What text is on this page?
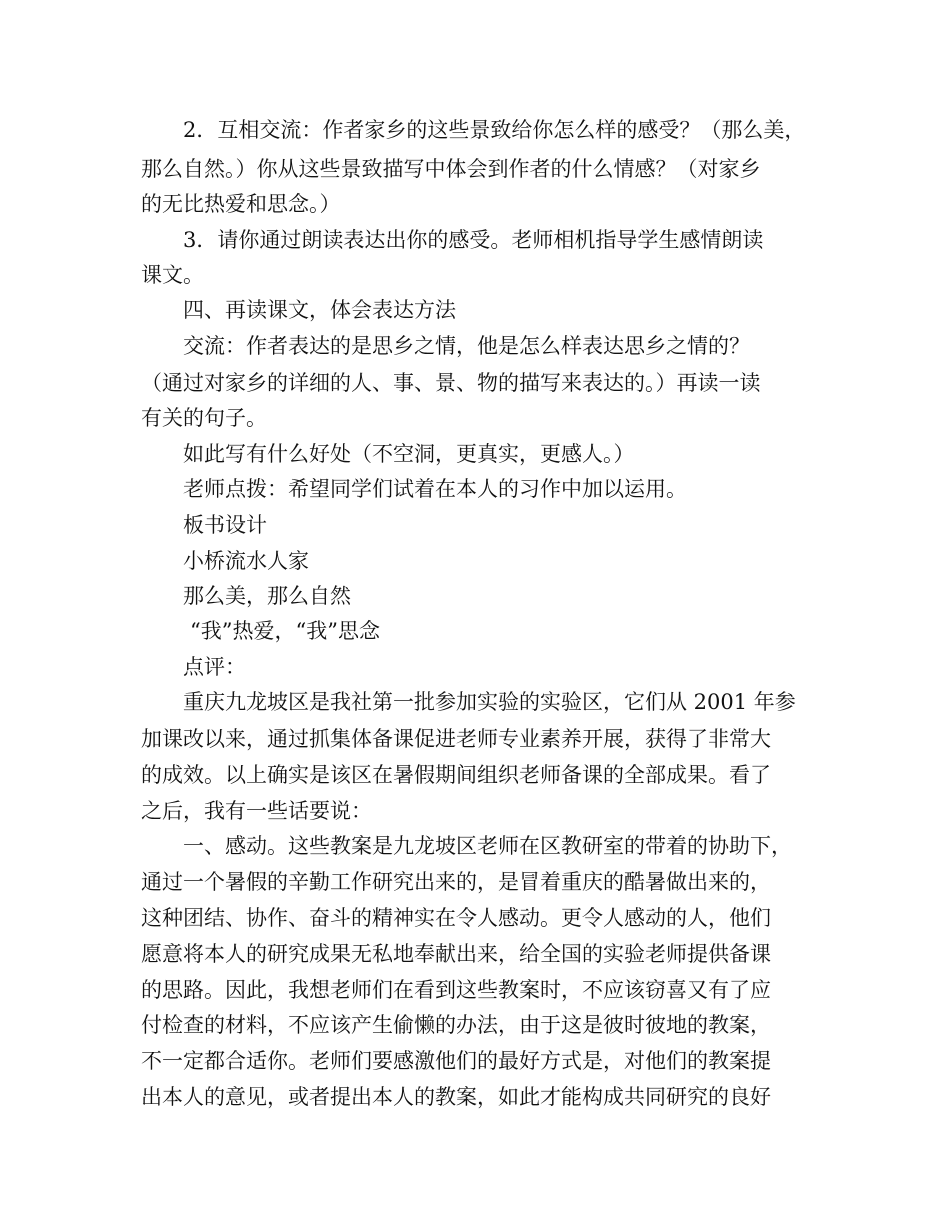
2．互相交流：作者家乡的这些景致给你怎么样的感受？（那么美，
那么自然。）你从这些景致描写中体会到作者的什么情感？（对家乡
的无比热爱和思念。）
3．请你通过朗读表达出你的感受。老师相机指导学生感情朗读
课文。
四、再读课文，体会表达方法
交流：作者表达的是思乡之情，他是怎么样表达思乡之情的？
（通过对家乡的详细的人、事、景、物的描写来表达的。）再读一读
有关的句子。
如此写有什么好处（不空洞，更真实，更感人。）
老师点拨：希望同学们试着在本人的习作中加以运用。
板书设计
小桥流水人家
那么美，那么自然
“我”热爱，“我”思念
点评：
重庆九龙坡区是我社第一批参加实验的实验区，它们从 2001 年参
加课改以来，通过抓集体备课促进老师专业素养开展，获得了非常大
的成效。以上确实是该区在暑假期间组织老师备课的全部成果。看了
之后，我有一些话要说：
一、感动。这些教案是九龙坡区老师在区教研室的带着的协助下，
通过一个暑假的辛勤工作研究出来的，是冒着重庆的酷暑做出来的，
这种团结、协作、奋斗的精神实在令人感动。更令人感动的人，他们
愿意将本人的研究成果无私地奉献出来，给全国的实验老师提供备课
的思路。因此，我想老师们在看到这些教案时，不应该窃喜又有了应
付检查的材料，不应该产生偷懒的办法，由于这是彼时彼地的教案，
不一定都合适你。老师们要感激他们的最好方式是，对他们的教案提
出本人的意见，或者提出本人的教案，如此才能构成共同研究的良好
